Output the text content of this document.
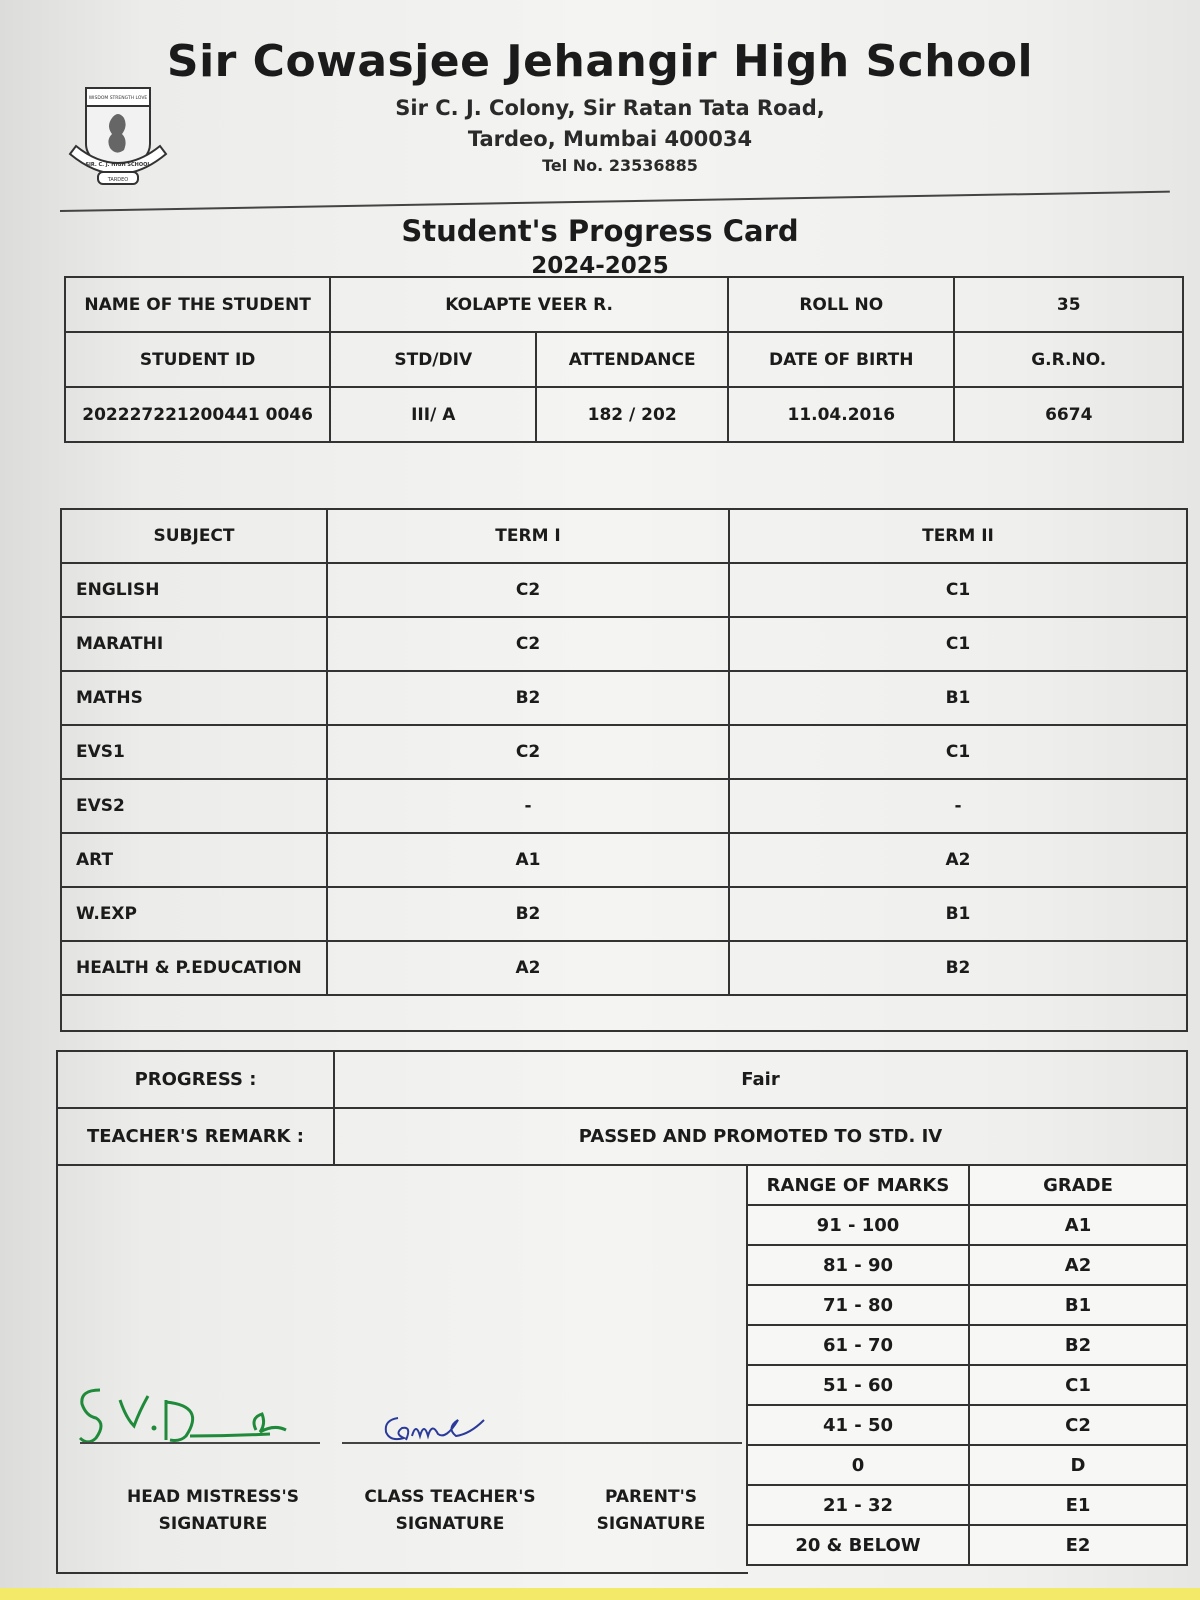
WISDOM STRENGTH LOVE
SIR. C. J. HIGH SCHOOL
TARDEO
Sir Cowasjee Jehangir High School
Sir C. J. Colony, Sir Ratan Tata Road,
Tardeo, Mumbai 400034
Tel No. 23536885
Student's Progress Card
2024-2025
NAME OF THE STUDENT	KOLAPTE VEER R.		ROLL NO	35
STUDENT ID	STD/DIV	ATTENDANCE	DATE OF BIRTH	G.R.NO.
202227221200441 0046	III/ A	182 / 202	11.04.2016	6674
SUBJECT	TERM I	TERM II
ENGLISH	C2	C1
MARATHI	C2	C1
MATHS	B2	B1
EVS1	C2	C1
EVS2	-	-
ART	A1	A2
W.EXP	B2	B1
HEALTH & P.EDUCATION	A2	B2

PROGRESS :	Fair
TEACHER'S REMARK :	PASSED AND PROMOTED TO STD. IV
HEAD MISTRESS'S
SIGNATURE
CLASS TEACHER'S
SIGNATURE
PARENT'S
SIGNATURE
RANGE OF MARKS	GRADE
91 - 100	A1
81 - 90	A2
71 - 80	B1
61 - 70	B2
51 - 60	C1
41 - 50	C2
0	D
21 - 32	E1
20 & BELOW	E2
